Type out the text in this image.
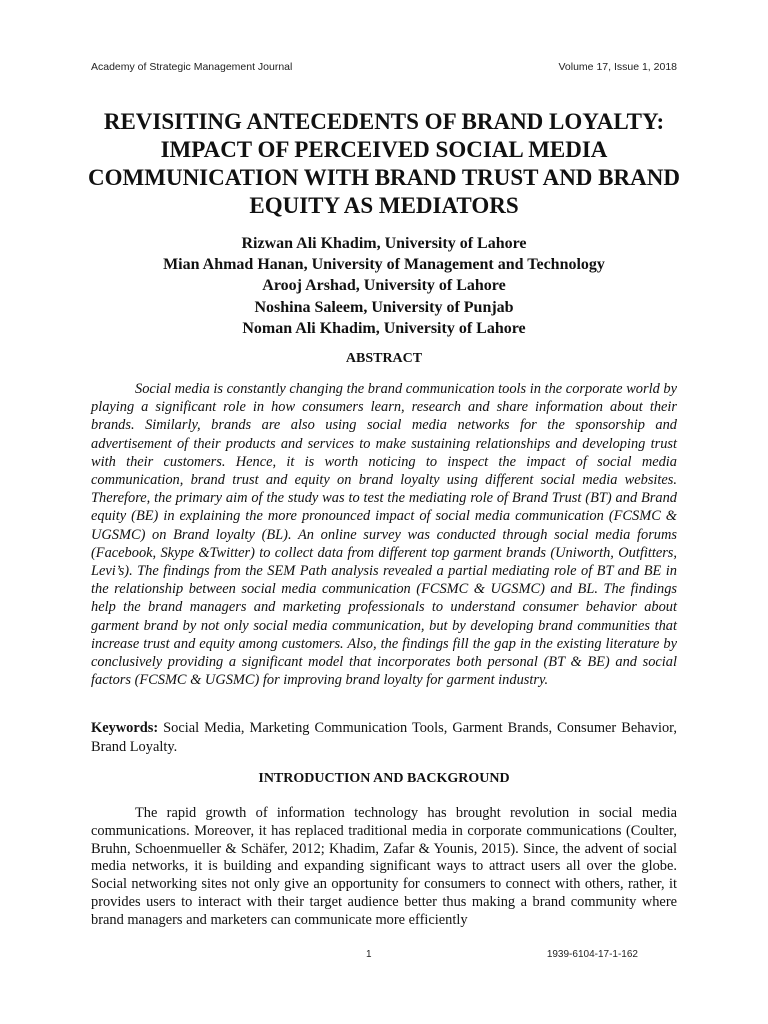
Academy of Strategic Management Journal	Volume 17, Issue 1, 2018
REVISITING ANTECEDENTS OF BRAND LOYALTY:
IMPACT OF PERCEIVED SOCIAL MEDIA
COMMUNICATION WITH BRAND TRUST AND BRAND
EQUITY AS MEDIATORS
Rizwan Ali Khadim, University of Lahore
Mian Ahmad Hanan, University of Management and Technology
Arooj Arshad, University of Lahore
Noshina Saleem, University of Punjab
Noman Ali Khadim, University of Lahore
ABSTRACT

Social media is constantly changing the brand communication tools in the corporate world by playing a significant role in how consumers learn, research and share information about their brands. Similarly, brands are also using social media networks for the sponsorship and advertisement of their products and services to make sustaining relationships and developing trust with their customers. Hence, it is worth noticing to inspect the impact of social media communication, brand trust and equity on brand loyalty using different social media websites. Therefore, the primary aim of the study was to test the mediating role of Brand Trust (BT) and Brand equity (BE) in explaining the more pronounced impact of social media communication (FCSMC & UGSMC) on Brand loyalty (BL). An online survey was conducted through social media forums (Facebook, Skype &Twitter) to collect data from different top garment brands (Uniworth, Outfitters, Levi’s). The findings from the SEM Path analysis revealed a partial mediating role of BT and BE in the relationship between social media communication (FCSMC & UGSMC) and BL. The findings help the brand managers and marketing professionals to understand consumer behavior about garment brand by not only social media communication, but by developing brand communities that increase trust and equity among customers. Also, the findings fill the gap in the existing literature by conclusively providing a significant model that incorporates both personal (BT & BE) and social factors (FCSMC & UGSMC) for improving brand loyalty for garment industry.

Keywords: Social Media, Marketing Communication Tools, Garment Brands, Consumer Behavior, Brand Loyalty.

INTRODUCTION AND BACKGROUND

The rapid growth of information technology has brought revolution in social media communications. Moreover, it has replaced traditional media in corporate communications (Coulter, Bruhn, Schoenmueller & Schäfer, 2012; Khadim, Zafar & Younis, 2015). Since, the advent of social media networks, it is building and expanding significant ways to attract users all over the globe. Social networking sites not only give an opportunity for consumers to connect with others, rather, it provides users to interact with their target audience better thus making a brand community where brand managers and marketers can communicate more efficiently

1	1939-6104-17-1-162
